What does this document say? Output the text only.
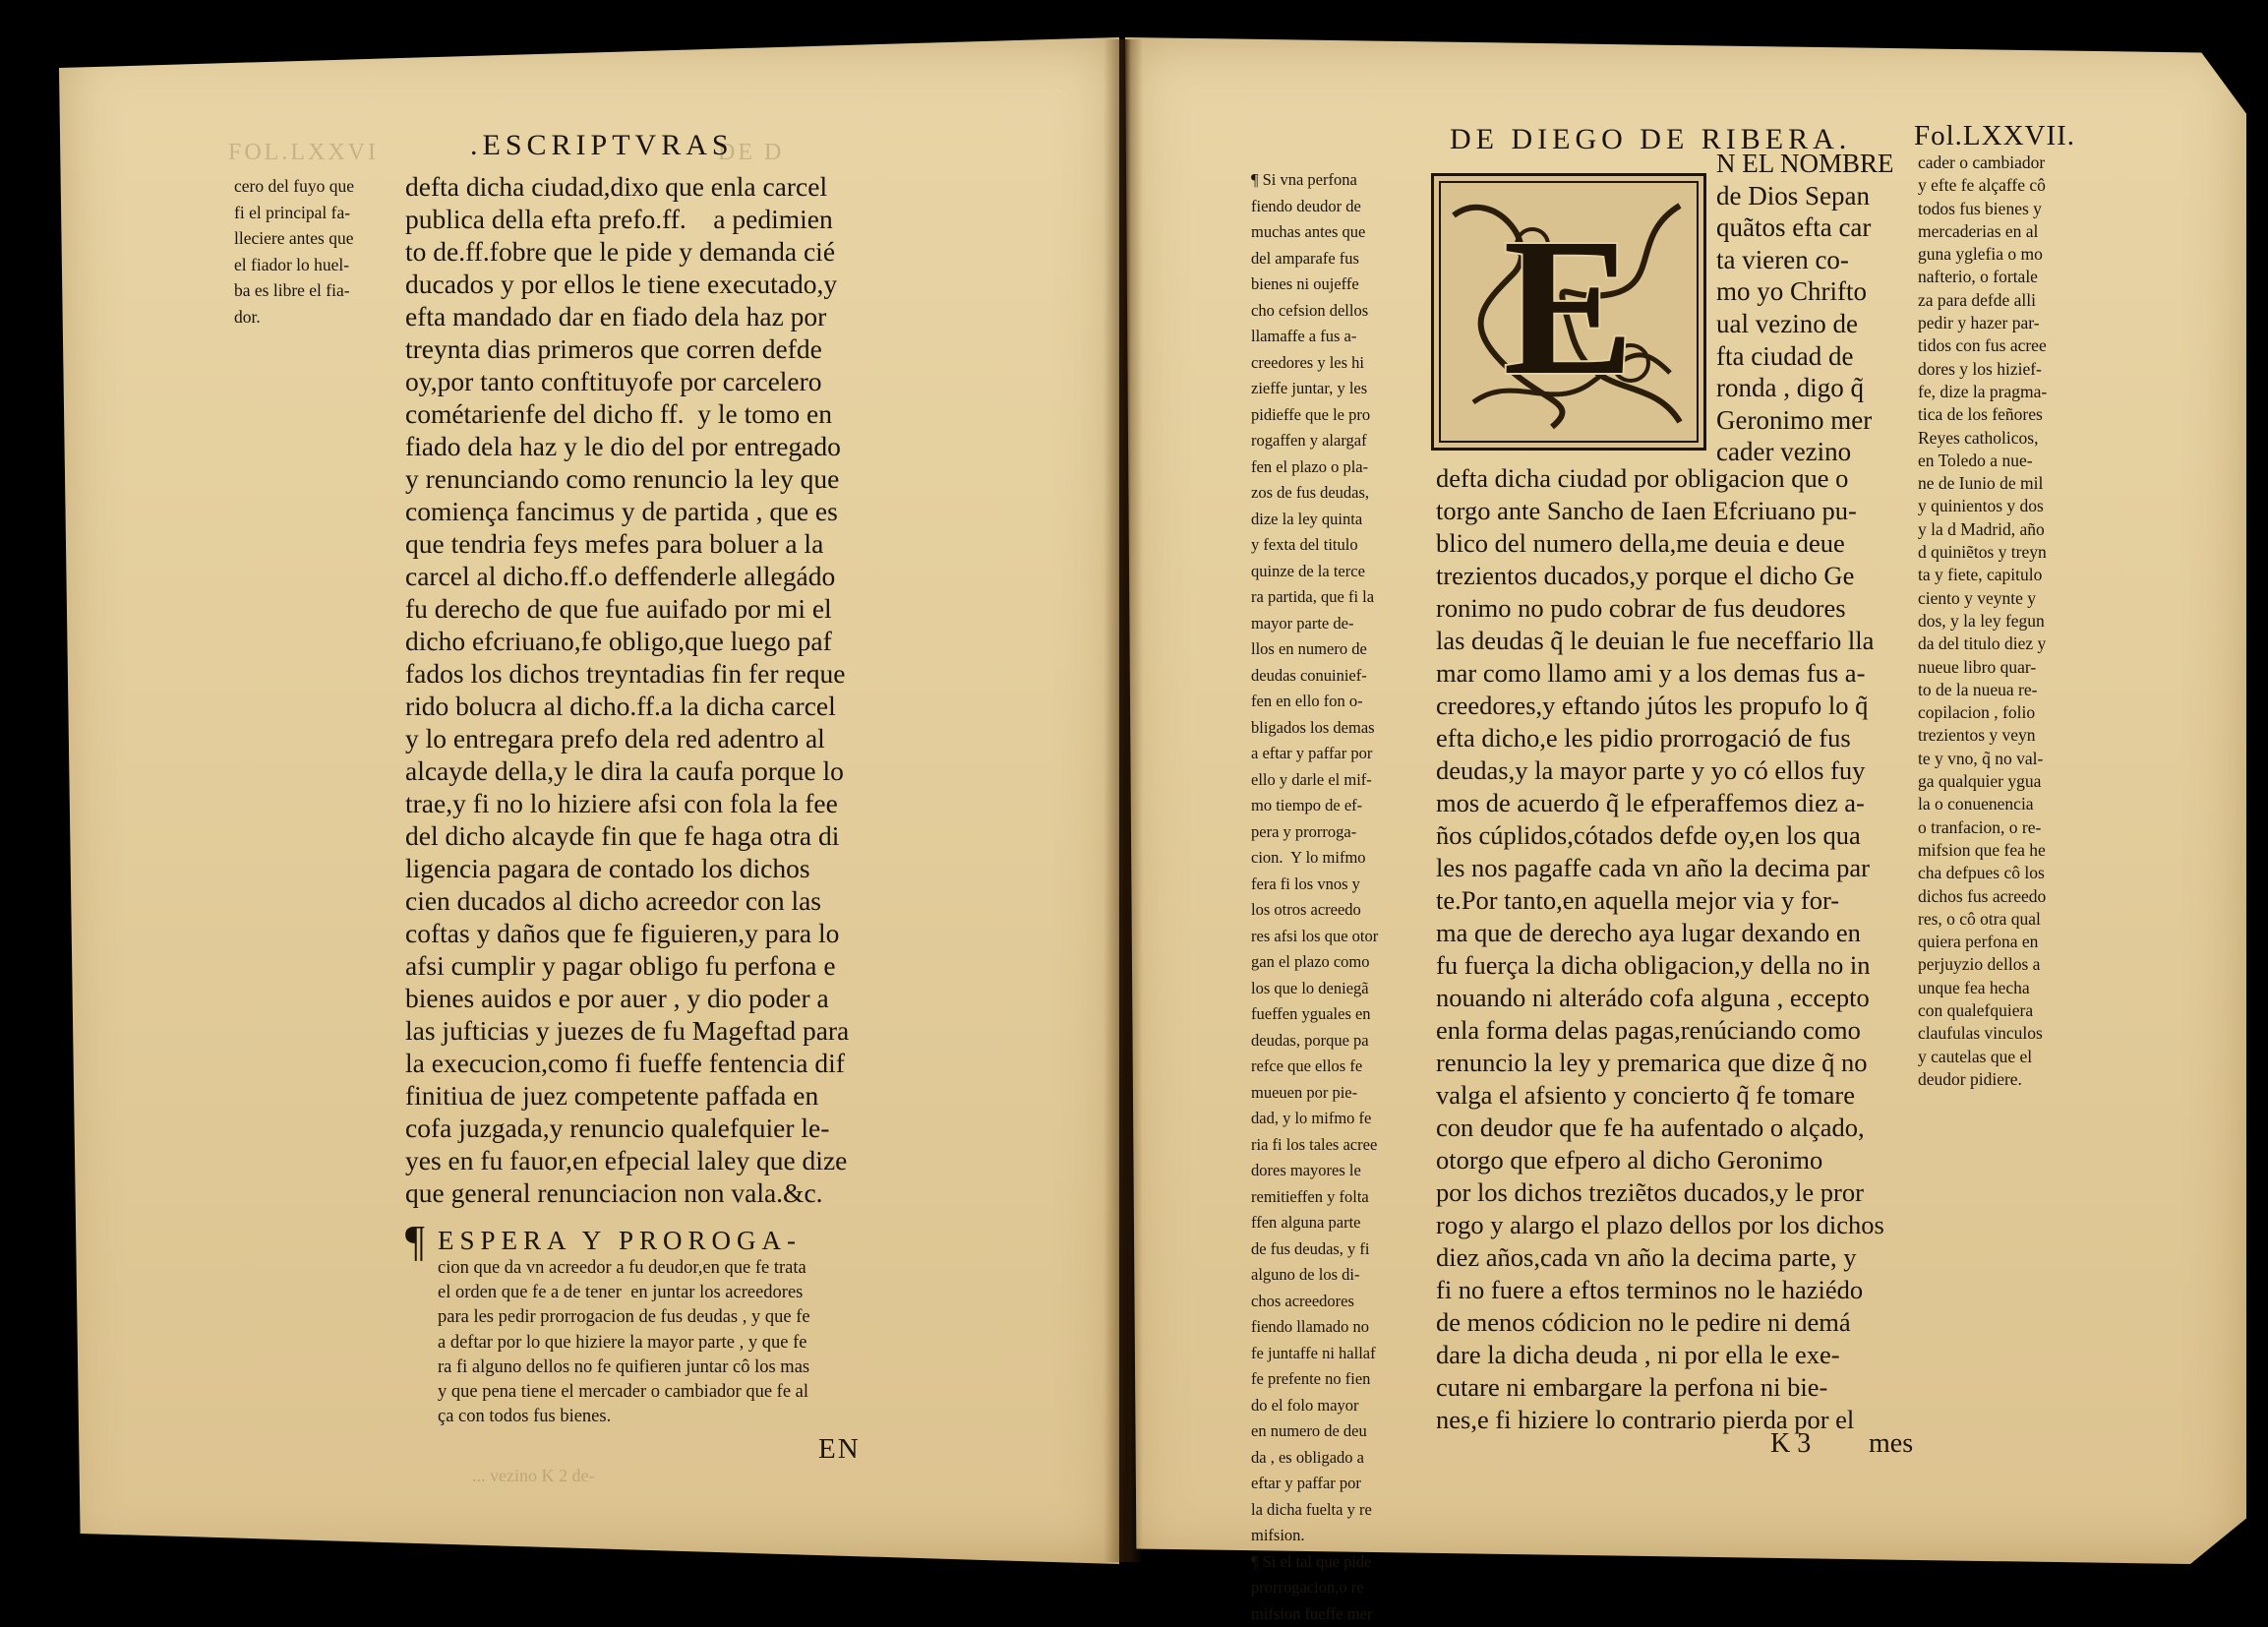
FOL.LXXVI	DE D
... vezino K 2 de-
.ESCRIPTVRAS
cero del fuyo que
fi el principal fa-
lleciere antes que
el fiador lo huel-
ba es libre el fia-
dor.
defta dicha ciudad,dixo que enla carcel
publica della efta prefo.ff.    a pedimien
to de.ff.fobre que le pide y demanda cié
ducados y por ellos le tiene executado,y
efta mandado dar en fiado dela haz por
treynta dias primeros que corren defde
oy,por tanto conftituyofe por carcelero
cométarienfe del dicho ff.  y le tomo en
fiado dela haz y le dio del por entregado
y renunciando como renuncio la ley que
comiença fancimus y de partida , que es
que tendria feys mefes para boluer a la
carcel al dicho.ff.o deffenderle allegádo
fu derecho de que fue auifado por mi el
dicho efcriuano,fe obligo,que luego paf
fados los dichos treyntadias fin fer reque
rido bolucra al dicho.ff.a la dicha carcel
y lo entregara prefo dela red adentro al
alcayde della,y le dira la caufa porque lo
trae,y fi no lo hiziere afsi con fola la fee
del dicho alcayde fin que fe haga otra di
ligencia pagara de contado los dichos
cien ducados al dicho acreedor con las
coftas y daños que fe figuieren,y para lo
afsi cumplir y pagar obligo fu perfona e
bienes auidos e por auer , y dio poder a
las jufticias y juezes de fu Mageftad para
la execucion,como fi fueffe fentencia dif
finitiua de juez competente paffada en
cofa juzgada,y renuncio qualefquier le-
yes en fu fauor,en efpecial laley que dize
que general renunciacion non vala.&c.
¶ ESPERA Y PROROGA-
cion que da vn acreedor a fu deudor,en que fe trata
el orden que fe a de tener  en juntar los acreedores
para les pedir prorrogacion de fus deudas , y que fe
a deftar por lo que hiziere la mayor parte , y que fe
ra fi alguno dellos no fe quifieren juntar cô los mas
y que pena tiene el mercader o cambiador que fe al
ça con todos fus bienes.
EN
DE DIEGO DE RIBERA. Fol.LXXVII.
¶ Si vna perfona
fiendo deudor de
muchas antes que
del amparafe fus
bienes ni oujeffe
cho cefsion dellos
llamaffe a fus a-
creedores y les hi
zieffe juntar, y les
pidieffe que le pro
rogaffen y alargaf
fen el plazo o pla-
zos de fus deudas,
dize la ley quinta
y fexta del titulo
quinze de la terce
ra partida, que fi la
mayor parte de-
llos en numero de
deudas conuinief-
fen en ello fon o-
bligados los demas
a eftar y paffar por
ello y darle el mif-
mo tiempo de ef-
pera y prorroga-
cion.  Y lo mifmo
fera fi los vnos y
los otros acreedo
res afsi los que otor
gan el plazo como
los que lo deniegã
fueffen yguales en
deudas, porque pa
refce que ellos fe
mueuen por pie-
dad, y lo mifmo fe
ria fi los tales acree
dores mayores le
remitieffen y folta
ffen alguna parte
de fus deudas, y fi
alguno de los di-
chos acreedores
fiendo llamado no
fe juntaffe ni hallaf
fe prefente no fien
do el folo mayor
en numero de deu
da , es obligado a
eftar y paffar por
la dicha fuelta y re
mifsion.
¶ Si el tal que pide
prorrogacion,o re
mifsion fueffe mer
E
N EL NOMBRE
de Dios Sepan
quãtos efta car
ta vieren co-
mo yo Chrifto
ual vezino de
fta ciudad de
ronda , digo q̃
Geronimo mer
cader vezino
defta dicha ciudad por obligacion que o
torgo ante Sancho de Iaen Efcriuano pu-
blico del numero della,me deuia e deue
trezientos ducados,y porque el dicho Ge
ronimo no pudo cobrar de fus deudores
las deudas q̃ le deuian le fue neceffario lla
mar como llamo ami y a los demas fus a-
creedores,y eftando jútos les propufo lo q̃
efta dicho,e les pidio prorrogació de fus
deudas,y la mayor parte y yo có ellos fuy
mos de acuerdo q̃ le efperaffemos diez a-
ños cúplidos,cótados defde oy,en los qua
les nos pagaffe cada vn año la decima par
te.Por tanto,en aquella mejor via y for-
ma que de derecho aya lugar dexando en
fu fuerça la dicha obligacion,y della no in
nouando ni alterádo cofa alguna , eccepto
enla forma delas pagas,renúciando como
renuncio la ley y premarica que dize q̃ no
valga el afsiento y concierto q̃ fe tomare
con deudor que fe ha aufentado o alçado,
otorgo que efpero al dicho Geronimo
por los dichos treziẽtos ducados,y le pror
rogo y alargo el plazo dellos por los dichos
diez años,cada vn año la decima parte, y
fi no fuere a eftos terminos no le haziédo
de menos códicion no le pedire ni demá
dare la dicha deuda , ni por ella le exe-
cutare ni embargare la perfona ni bie-
nes,e fi hiziere lo contrario pierda por el
K 3 mes
cader o cambiador
y efte fe alçaffe cô
todos fus bienes y
mercaderias en al
guna yglefia o mo
nafterio, o fortale
za para defde alli
pedir y hazer par-
tidos con fus acree
dores y los hizief-
fe, dize la pragma-
tica de los feñores
Reyes catholicos,
en Toledo a nue-
ne de Iunio de mil
y quinientos y dos
y la d Madrid, año
d quiniẽtos y treyn
ta y fiete, capitulo
ciento y veynte y
dos, y la ley fegun
da del titulo diez y
nueue libro quar-
to de la nueua re-
copilacion , folio
trezientos y veyn
te y vno, q̃ no val-
ga qualquier ygua
la o conuenencia
o tranfacion, o re-
mifsion que fea he
cha defpues cô los
dichos fus acreedo
res, o cô otra qual
quiera perfona en
perjuyzio dellos a
unque fea hecha
con qualefquiera
claufulas vinculos
y cautelas que el
deudor pidiere.
